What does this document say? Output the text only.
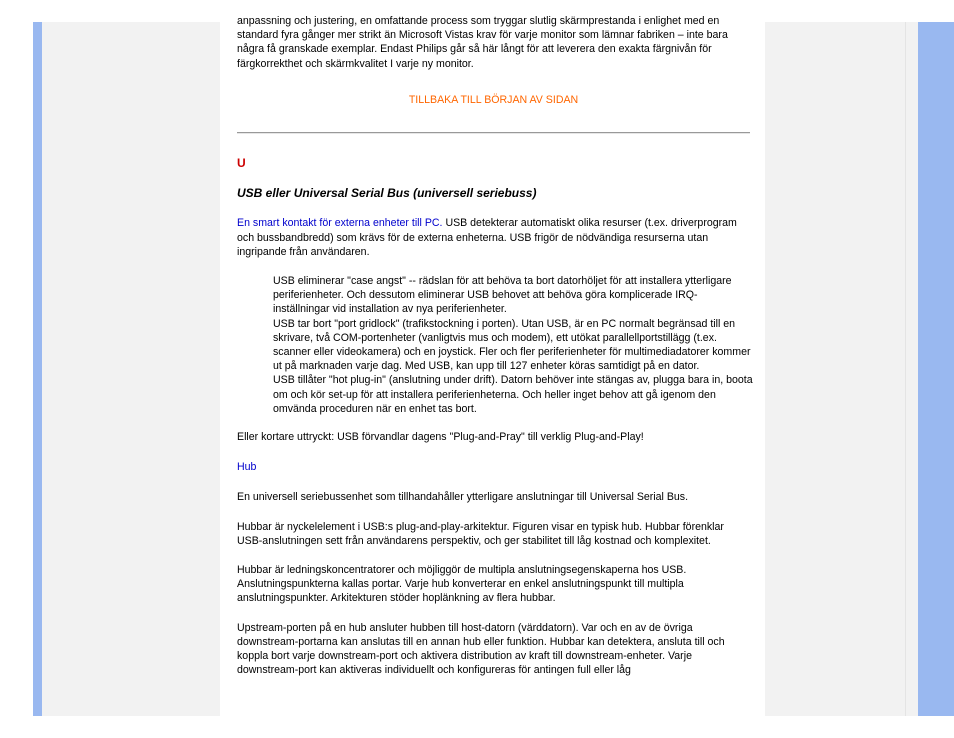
anpassning och justering, en omfattande process som tryggar slutlig skärmprestanda i enlighet med en standard fyra gånger mer strikt än Microsoft Vistas krav för varje monitor som lämnar fabriken – inte bara några få granskade exemplar. Endast Philips går så här långt för att leverera den exakta färgnivån för färgkorrekthet och skärmkvalitet I varje ny monitor.

TILLBAKA TILL BÖRJAN AV SIDAN

U

USB eller Universal Serial Bus (universell seriebuss)

En smart kontakt för externa enheter till PC. USB detekterar automatiskt olika resurser (t.ex. driverprogram och bussbandbredd) som krävs för de externa enheterna. USB frigör de nödvändiga resurserna utan ingripande från användaren.

USB eliminerar "case angst" -- rädslan för att behöva ta bort datorhöljet för att installera ytterligare periferienheter. Och dessutom eliminerar USB behovet att behöva göra komplicerade IRQ-inställningar vid installation av nya periferienheter.

USB tar bort "port gridlock" (trafikstockning i porten). Utan USB, är en PC normalt begränsad till en skrivare, två COM-portenheter (vanligtvis mus och modem), ett utökat parallellportstillägg (t.ex. scanner eller videokamera) och en joystick. Fler och fler periferienheter för multimediadatorer kommer ut på marknaden varje dag. Med USB, kan upp till 127 enheter köras samtidigt på en dator.

USB tillåter "hot plug-in" (anslutning under drift). Datorn behöver inte stängas av, plugga bara in, boota om och kör set-up för att installera periferienheterna. Och heller inget behov att gå igenom den omvända proceduren när en enhet tas bort.

Eller kortare uttryckt: USB förvandlar dagens "Plug-and-Pray" till verklig Plug-and-Play!

Hub

En universell seriebussenhet som tillhandahåller ytterligare anslutningar till Universal Serial Bus.

Hubbar är nyckelelement i USB:s plug-and-play-arkitektur. Figuren visar en typisk hub. Hubbar förenklar USB-anslutningen sett från användarens perspektiv, och ger stabilitet till låg kostnad och komplexitet.

Hubbar är ledningskoncentratorer och möjliggör de multipla anslutningsegenskaperna hos USB. Anslutningspunkterna kallas portar. Varje hub konverterar en enkel anslutningspunkt till multipla anslutningspunkter. Arkitekturen stöder hoplänkning av flera hubbar.

Upstream-porten på en hub ansluter hubben till host-datorn (värddatorn). Var och en av de övriga downstream-portarna kan anslutas till en annan hub eller funktion. Hubbar kan detektera, ansluta till och koppla bort varje downstream-port och aktivera distribution av kraft till downstream-enheter. Varje downstream-port kan aktiveras individuellt och konfigureras för antingen full eller låg
